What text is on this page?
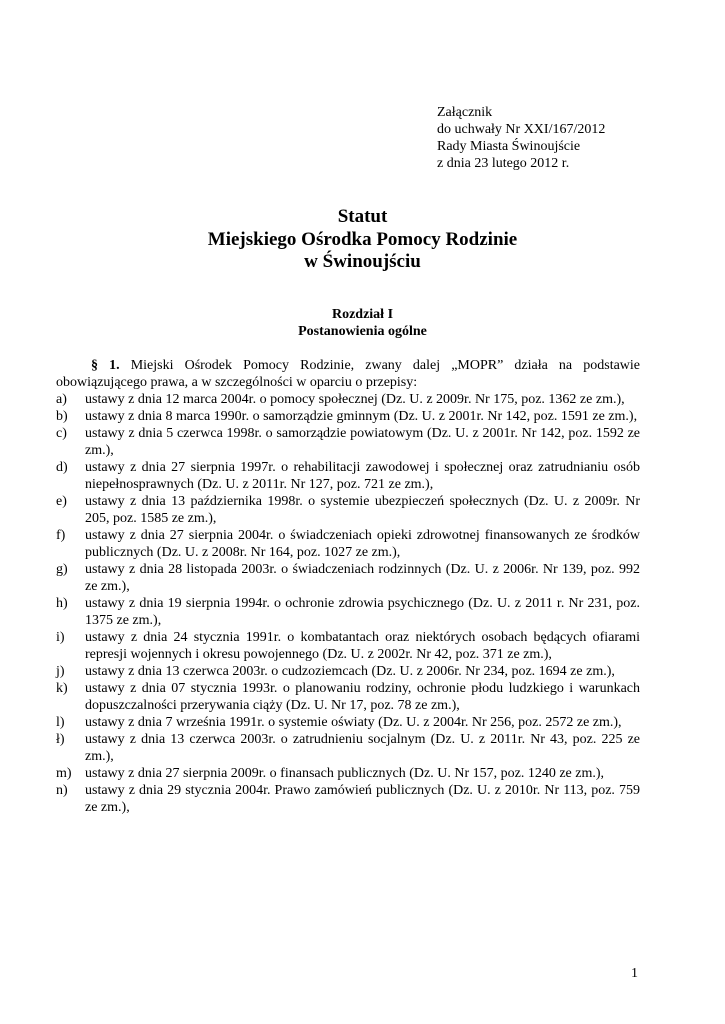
Załącznik
do uchwały Nr XXI/167/2012
Rady Miasta Świnoujście
z dnia 23 lutego 2012 r.
Statut
Miejskiego Ośrodka Pomocy Rodzinie
w Świnoujściu
Rozdział I
Postanowienia ogólne
§ 1. Miejski Ośrodek Pomocy Rodzinie, zwany dalej „MOPR” działa na podstawie obowiązującego prawa, a w szczególności w oparciu o przepisy:
a) ustawy z dnia 12 marca 2004r. o pomocy społecznej (Dz. U. z 2009r. Nr 175, poz. 1362 ze zm.),
b) ustawy z dnia 8 marca 1990r. o samorządzie gminnym (Dz. U. z 2001r. Nr 142, poz. 1591 ze zm.),
c) ustawy z dnia 5 czerwca 1998r. o samorządzie powiatowym (Dz. U. z 2001r. Nr 142, poz. 1592 ze zm.),
d) ustawy z dnia 27 sierpnia 1997r. o rehabilitacji zawodowej i społecznej oraz zatrudnianiu osób niepełnosprawnych (Dz. U. z 2011r. Nr 127, poz. 721 ze zm.),
e) ustawy z dnia 13 października 1998r. o systemie ubezpieczeń społecznych (Dz. U. z 2009r. Nr 205, poz. 1585 ze zm.),
f) ustawy z dnia 27 sierpnia 2004r. o świadczeniach opieki zdrowotnej finansowanych ze środków publicznych (Dz. U. z 2008r. Nr 164, poz. 1027 ze zm.),
g) ustawy z dnia 28 listopada 2003r. o świadczeniach rodzinnych (Dz. U. z 2006r. Nr 139, poz. 992 ze zm.),
h) ustawy z dnia 19 sierpnia 1994r. o ochronie zdrowia psychicznego (Dz. U. z 2011 r. Nr 231, poz. 1375 ze zm.),
i) ustawy z dnia 24 stycznia 1991r. o kombatantach oraz niektórych osobach będących ofiarami represji wojennych i okresu powojennego (Dz. U. z 2002r. Nr 42, poz. 371 ze zm.),
j) ustawy z dnia 13 czerwca 2003r. o cudzoziemcach (Dz. U. z 2006r. Nr 234, poz. 1694 ze zm.),
k) ustawy z dnia 07 stycznia 1993r. o planowaniu rodziny, ochronie płodu ludzkiego i warunkach dopuszczalności przerywania ciąży (Dz. U. Nr 17, poz. 78 ze zm.),
l) ustawy z dnia 7 września 1991r. o systemie oświaty (Dz. U. z 2004r. Nr 256, poz. 2572 ze zm.),
ł) ustawy z dnia 13 czerwca 2003r. o zatrudnieniu socjalnym (Dz. U. z 2011r. Nr 43, poz. 225 ze zm.),
m) ustawy z dnia 27 sierpnia 2009r. o finansach publicznych (Dz. U. Nr 157, poz. 1240 ze zm.),
n) ustawy z dnia 29 stycznia 2004r. Prawo zamówień publicznych (Dz. U. z 2010r. Nr 113, poz. 759 ze zm.),
1
